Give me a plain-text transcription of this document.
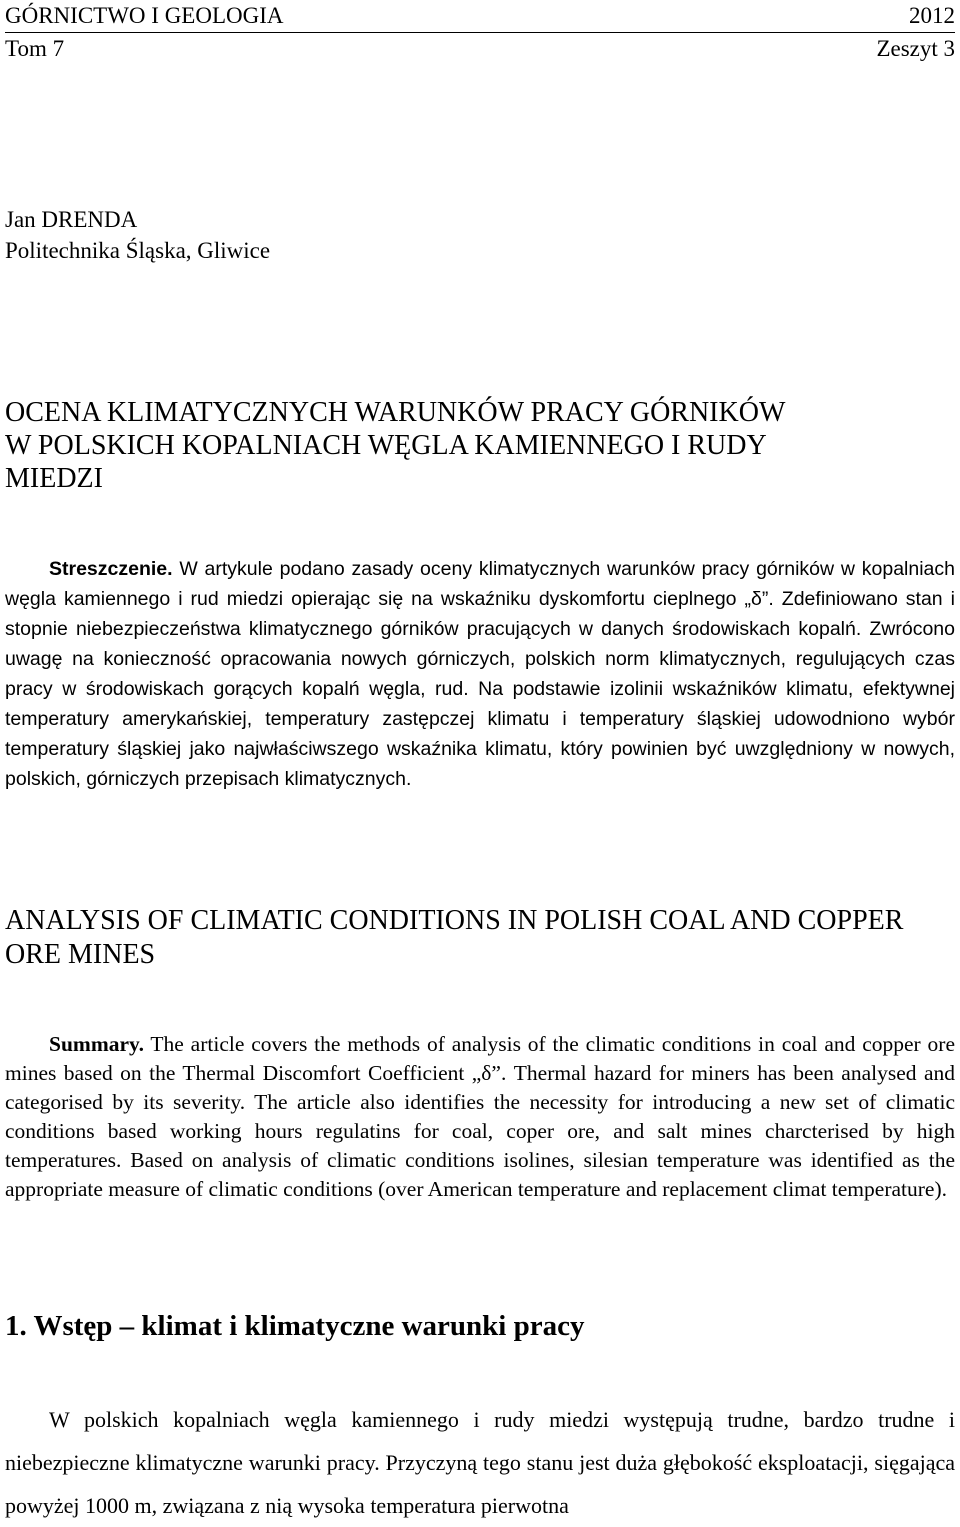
GÓRNICTWO I GEOLOGIA	2012
Tom 7	Zeszyt 3
Jan DRENDA
Politechnika Śląska, Gliwice
OCENA KLIMATYCZNYCH WARUNKÓW PRACY GÓRNIKÓW
W POLSKICH KOPALNIACH WĘGLA KAMIENNEGO I RUDY
MIEDZI

Streszczenie. W artykule podano zasady oceny klimatycznych warunków pracy górników w kopalniach węgla kamiennego i rud miedzi opierając się na wskaźniku dyskomfortu cieplnego „δ”. Zdefiniowano stan i stopnie niebezpieczeństwa klimatycznego górników pracujących w danych środowiskach kopalń. Zwrócono uwagę na konieczność opracowania nowych górniczych, polskich norm klimatycznych, regulujących czas pracy w środowiskach gorących kopalń węgla, rud. Na podstawie izolinii wskaźników klimatu, efektywnej temperatury amerykańskiej, temperatury zastępczej klimatu i temperatury śląskiej udowodniono wybór temperatury śląskiej jako najwłaściwszego wskaźnika klimatu, który powinien być uwzględniony w nowych, polskich, górniczych przepisach klimatycznych.

ANALYSIS OF CLIMATIC CONDITIONS IN POLISH COAL AND COPPER
ORE MINES

Summary. The article covers the methods of analysis of the climatic conditions in coal and copper ore mines based on the Thermal Discomfort Coefficient „δ”. Thermal hazard for miners has been analysed and categorised by its severity. The article also identifies the necessity for introducing a new set of climatic conditions based working hours regulatins for coal, coper ore, and salt mines charcterised by high temperatures. Based on analysis of climatic conditions isolines, silesian temperature was identified as the appropriate measure of climatic conditions (over American temperature and replacement climat temperature).

1. Wstęp – klimat i klimatyczne warunki pracy

W polskich kopalniach węgla kamiennego i rudy miedzi występują trudne, bardzo trudne i niebezpieczne klimatyczne warunki pracy. Przyczyną tego stanu jest duża głębokość eksploatacji, sięgająca powyżej 1000 m, związana z nią wysoka temperatura pierwotna
